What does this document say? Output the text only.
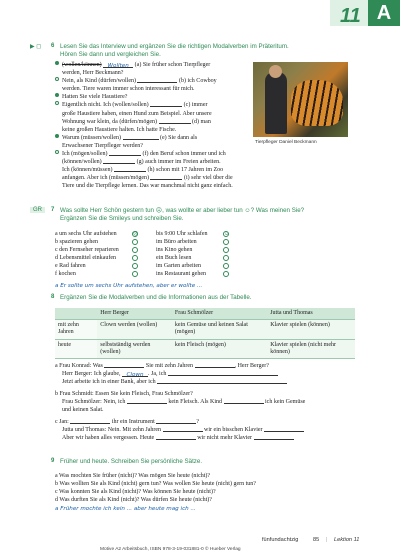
11 A
▶ ◻ 6 Lesen Sie das Interview und ergänzen Sie die richtigen Modalverben im Präteritum.
Hören Sie dann und vergleichen Sie.
(wollen/können) Wollten (a) Sie früher schon Tierpfleger
werden, Herr Beckmann?
Nein, als Kind (dürfen/wollen)	(b) ich Cowboy
werden. Tiere waren immer schon interessant für mich.
Hatten Sie viele Haustiere?
Eigentlich nicht. Ich (wollen/sollen)	(c) immer
große Haustiere haben, einen Hund zum Beispiel. Aber unsere
Wohnung war klein, da (dürfen/mögen)	(d) man
keine großen Haustiere halten. Ich hatte Fische.
Warum (müssen/wollen)	(e) Sie dann als
Erwachsener Tierpfleger werden?
Ich (mögen/sollen)	(f) den Beruf schon immer und ich
(können/wollen)	(g) auch immer im Freien arbeiten.
Ich (können/müssen)	(h) schon mit 17 Jahren im Zoo
anfangen. Aber ich (müssen/mögen)	(i) sehr viel über die
Tiere und die Tierpflege lernen. Das war manchmal nicht ganz einfach.
Tierpfleger Daniel Beckmann
GR	7 Was sollte Herr Schön gestern tun ☹, was wollte er aber lieber tun ☺? Was meinen Sie?
Ergänzen Sie die Smileys und schreiben Sie.
a um sechs Uhr aufstehen	☹	bis 9:00 Uhr schlafen	☺
b spazieren gehen	im Büro arbeiten
c den Fernseher reparieren	ins Kino gehen
d Lebensmittel einkaufen	ein Buch lesen
e Rad fahren	im Garten arbeiten
f kochen	ins Restaurant gehen
a Er sollte um sechs Uhr aufstehen, aber er wollte ...
8 Ergänzen Sie die Modalverben und die Informationen aus der Tabelle.
	Herr Berger	Frau Schmölzer	Jutta und Thomas
mit zehn Jahren	Clown werden (wollen)	kein Gemüse und keinen Salat (mögen)	Klavier spielen (können)
heute	selbstständig werden (wollen)	kein Fleisch (mögen)	Klavier spielen (nicht mehr können)
a Frau Konrad: Was	Sie mit zehn Jahren	, Herr Berger?
Herr Berger: Ich glaube, Clown . Ja, ich
Jetzt arbeite ich in einer Bank, aber ich
b Frau Schmidt: Essen Sie kein Fleisch, Frau Schmölzer?
Frau Schmölzer: Nein, ich	kein Fleisch. Als Kind	ich kein Gemüse
und keinen Salat.
c Jan:	ihr ein Instrument	?
Jutta und Thomas: Nein. Mit zehn Jahren	wir ein bisschen Klavier
Aber wir haben alles vergessen. Heute	wir nicht mehr Klavier
9 Früher und heute. Schreiben Sie persönliche Sätze.
a Was mochten Sie früher (nicht)? Was mögen Sie heute (nicht)?
b Was wollten Sie als Kind (nicht) gern tun? Was wollen Sie heute (nicht) gern tun?
c Was konnten Sie als Kind (nicht)? Was können Sie heute (nicht)?
d Was durften Sie als Kind (nicht)? Was dürfen Sie heute (nicht)?
a Früher mochte ich kein ... aber heute mag ich ...
fünfundachtzig	85 | Lektion 11
Motive A2 Arbeitsbuch, ISBN 978-3-19-031881-0 © Hueber Verlag
